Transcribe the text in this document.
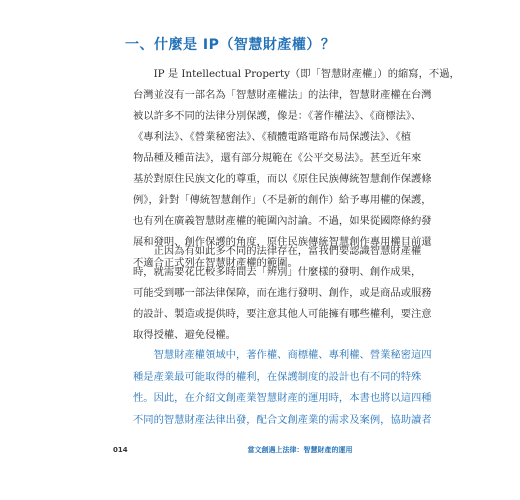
一、什麼是 IP（智慧財產權）？
　　IP 是 Intellectual Property（即「智慧財產權」）的縮寫，不過，
台灣並沒有一部名為「智慧財產權法」的法律，智慧財產權在台灣
被以許多不同的法律分別保護，像是：《著作權法》、《商標法》、
《專利法》、《營業秘密法》、《積體電路電路布局保護法》、《植
物品種及種苗法》，還有部分規範在《公平交易法》。甚至近年來
基於對原住民族文化的尊重，而以《原住民族傳統智慧創作保護條
例》，針對「傳統智慧創作」（不是新的創作）給予專用權的保護，
也有列在廣義智慧財產權的範圍內討論。不過，如果從國際條約發
展和發明、創作保護的角度，原住民族傳統智慧創作專用權目前還
不適合正式列在智慧財產權的範圍。
　　正因為有如此多不同的法律存在，當我們要認識智慧財產權
時，就需要花比較多時間去「辨別」什麼樣的發明、創作成果，
可能受到哪一部法律保障，而在進行發明、創作，或是商品或服務
的設計、製造或提供時，要注意其他人可能擁有哪些權利，要注意
取得授權、避免侵權。
　　智慧財產權領域中，著作權、商標權、專利權、營業秘密這四
種是產業最可能取得的權利，在保護制度的設計也有不同的特殊
性。因此，在介紹文創產業智慧財產的運用時，本書也將以這四種
不同的智慧財產法律出發，配合文創產業的需求及案例，協助讀者
014	當文創遇上法律：智慧財產的運用
